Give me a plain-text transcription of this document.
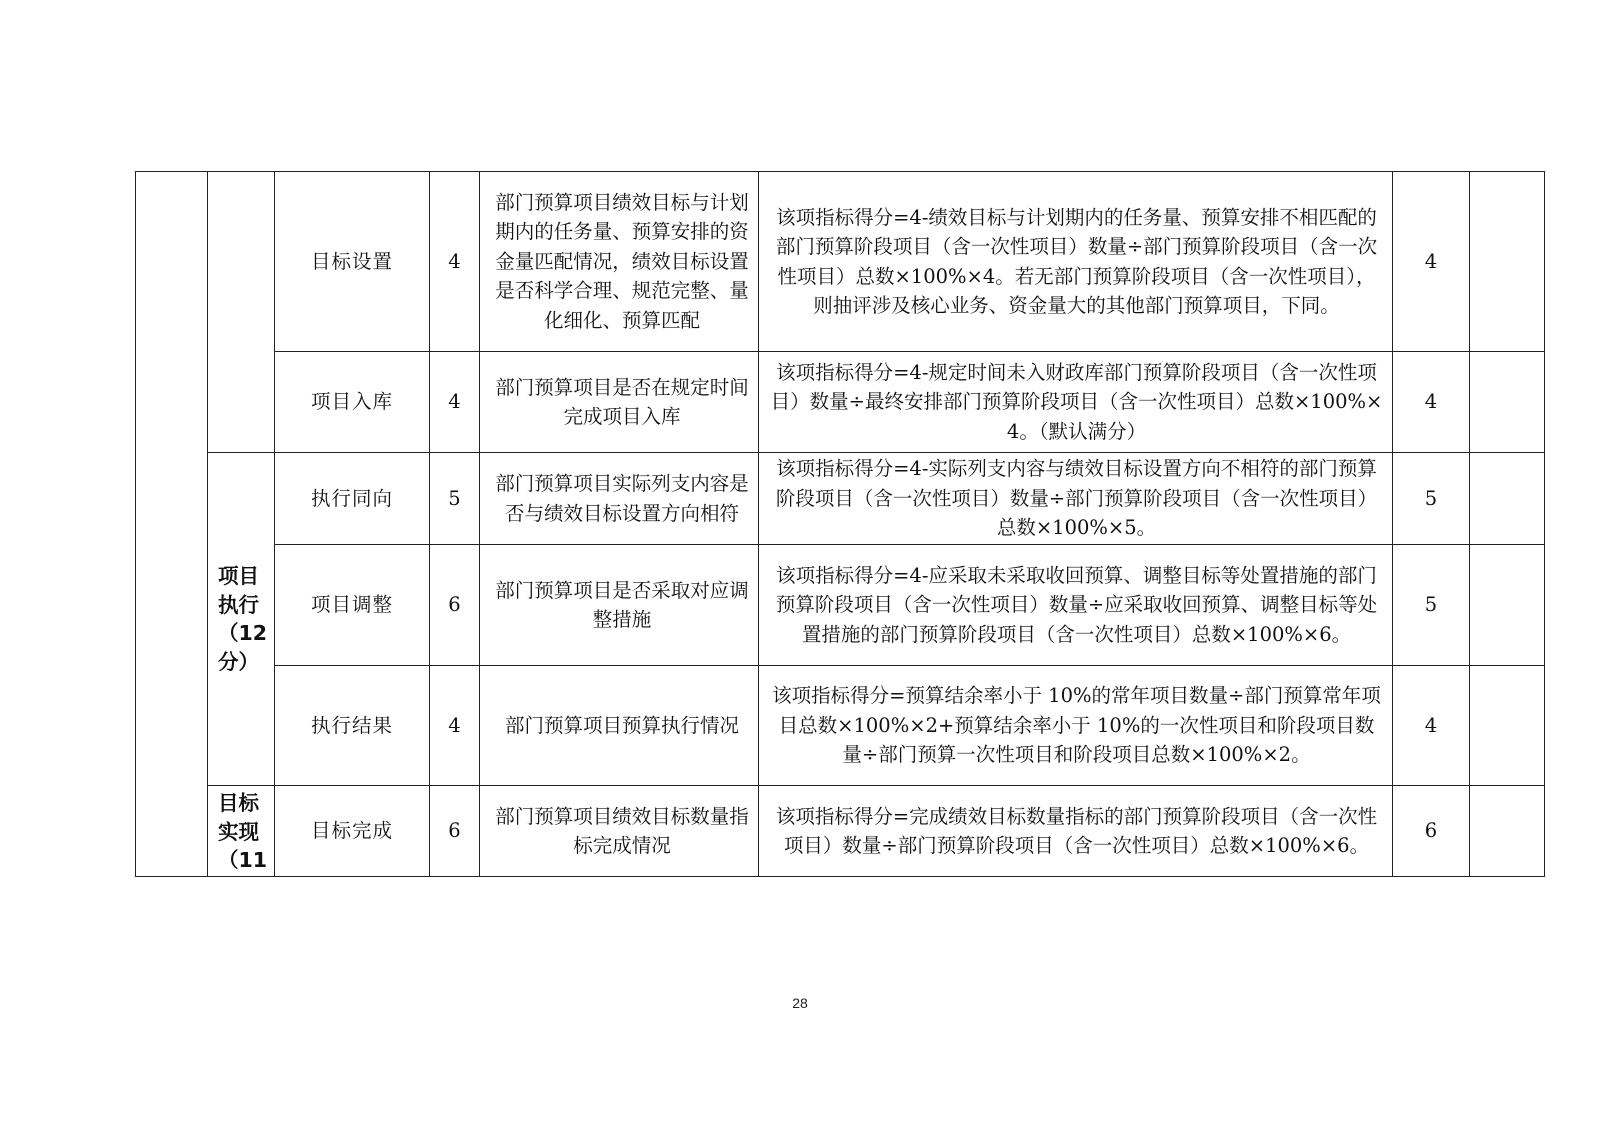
		目标设置	4	部门预算项目绩效目标与计划期内的任务量、预算安排的资金量匹配情况，绩效目标设置是否科学合理、规范完整、量化细化、预算匹配	该项指标得分=4-绩效目标与计划期内的任务量、预算安排不相匹配的部门预算阶段项目（含一次性项目）数量÷部门预算阶段项目（含一次性项目）总数×100%×4。若无部门预算阶段项目（含一次性项目），则抽评涉及核心业务、资金量大的其他部门预算项目，下同。	4	
		项目入库	4	部门预算项目是否在规定时间完成项目入库	该项指标得分=4-规定时间未入财政库部门预算阶段项目（含一次性项目）数量÷最终安排部门预算阶段项目（含一次性项目）总数×100%×4。（默认满分）	4	
	项目执行（12分）	执行同向	5	部门预算项目实际列支内容是否与绩效目标设置方向相符	该项指标得分=4-实际列支内容与绩效目标设置方向不相符的部门预算阶段项目（含一次性项目）数量÷部门预算阶段项目（含一次性项目）总数×100%×5。	5	
		项目调整	6	部门预算项目是否采取对应调整措施	该项指标得分=4-应采取未采取收回预算、调整目标等处置措施的部门预算阶段项目（含一次性项目）数量÷应采取收回预算、调整目标等处置措施的部门预算阶段项目（含一次性项目）总数×100%×6。	5	
		执行结果	4	部门预算项目预算执行情况	该项指标得分=预算结余率小于 10%的常年项目数量÷部门预算常年项目总数×100%×2+预算结余率小于 10%的一次性项目和阶段项目数量÷部门预算一次性项目和阶段项目总数×100%×2。	4	
	目标实现（11	目标完成	6	部门预算项目绩效目标数量指标完成情况	该项指标得分=完成绩效目标数量指标的部门预算阶段项目（含一次性项目）数量÷部门预算阶段项目（含一次性项目）总数×100%×6。	6	
28
